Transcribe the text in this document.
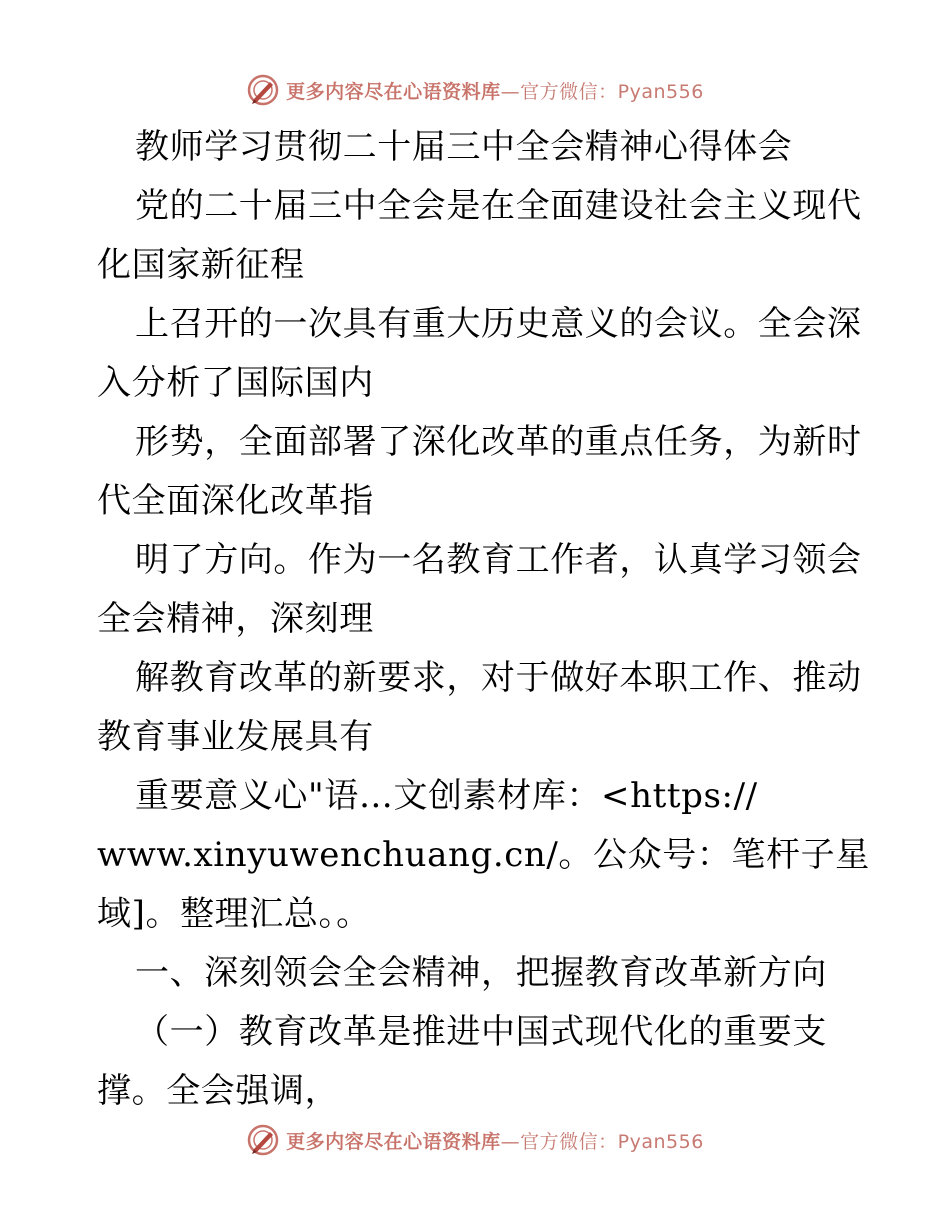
更多内容尽在心语资料库—官方微信：Pyan556
教师学习贯彻二十届三中全会精神心得体会
党的二十届三中全会是在全面建设社会主义现代
化国家新征程
上召开的一次具有重大历史意义的会议。全会深
入分析了国际国内
形势，全面部署了深化改革的重点任务，为新时
代全面深化改革指
明了方向。作为一名教育工作者，认真学习领会
全会精神，深刻理
解教育改革的新要求，对于做好本职工作、推动
教育事业发展具有
重要意义心"语…文创素材库：<https://
www.xinyuwenchuang.cn/。公众号：笔杆子星
域]。整理汇总。。
一、深刻领会全会精神，把握教育改革新方向
（一）教育改革是推进中国式现代化的重要支
撑。全会强调，
更多内容尽在心语资料库—官方微信：Pyan556
